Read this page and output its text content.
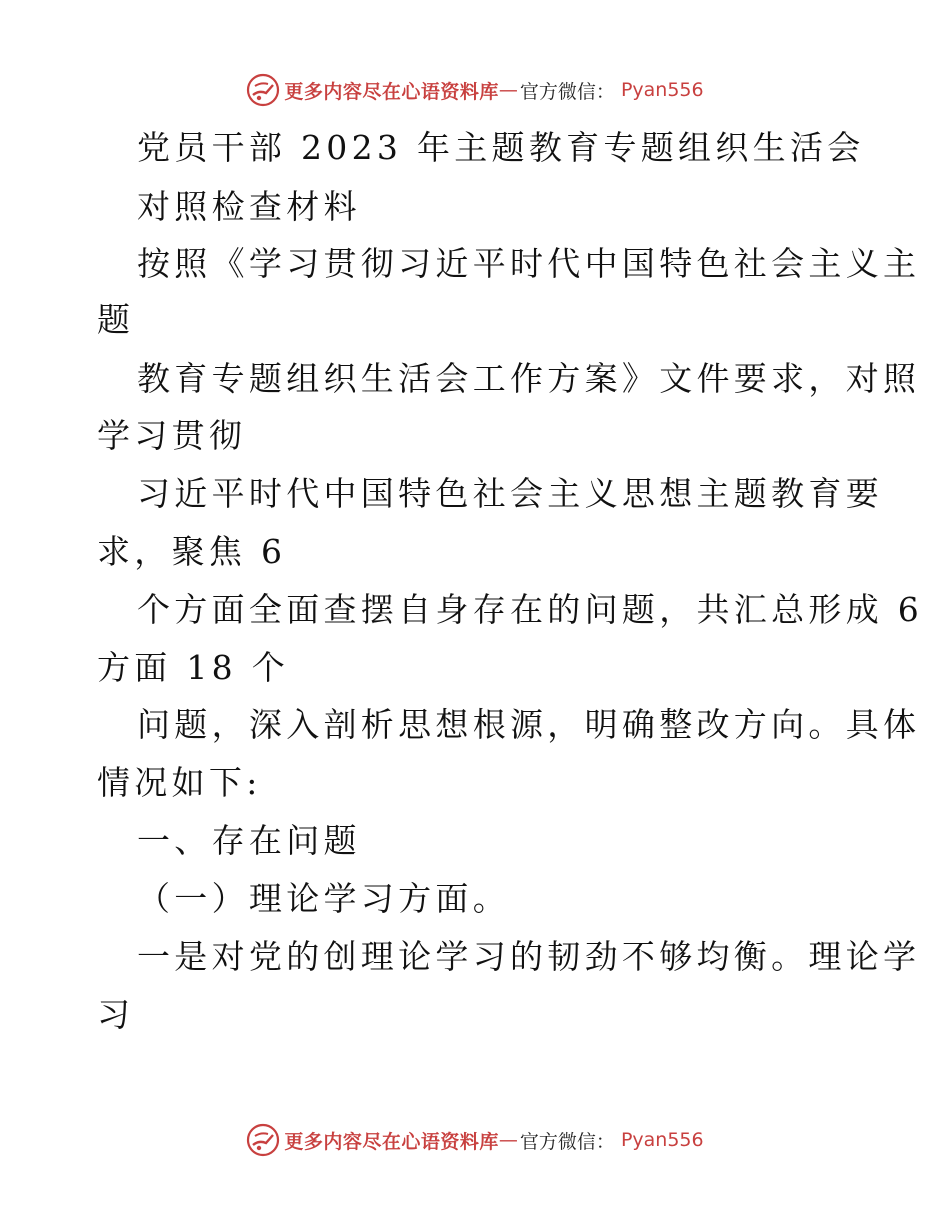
更多内容尽在心语资料库 — 官方微信： Pyan556
党员干部 2023 年主题教育专题组织生活会
对照检查材料
按照《学习贯彻习近平时代中国特色社会主义主
题
教育专题组织生活会工作方案》文件要求，对照
学习贯彻
习近平时代中国特色社会主义思想主题教育要
求，聚焦 6
个方面全面查摆自身存在的问题，共汇总形成 6
方面 18 个
问题，深入剖析思想根源，明确整改方向。具体
情况如下:
一、存在问题
（一）理论学习方面。
一是对党的创理论学习的韧劲不够均衡。理论学
习
更多内容尽在心语资料库 — 官方微信： Pyan556
